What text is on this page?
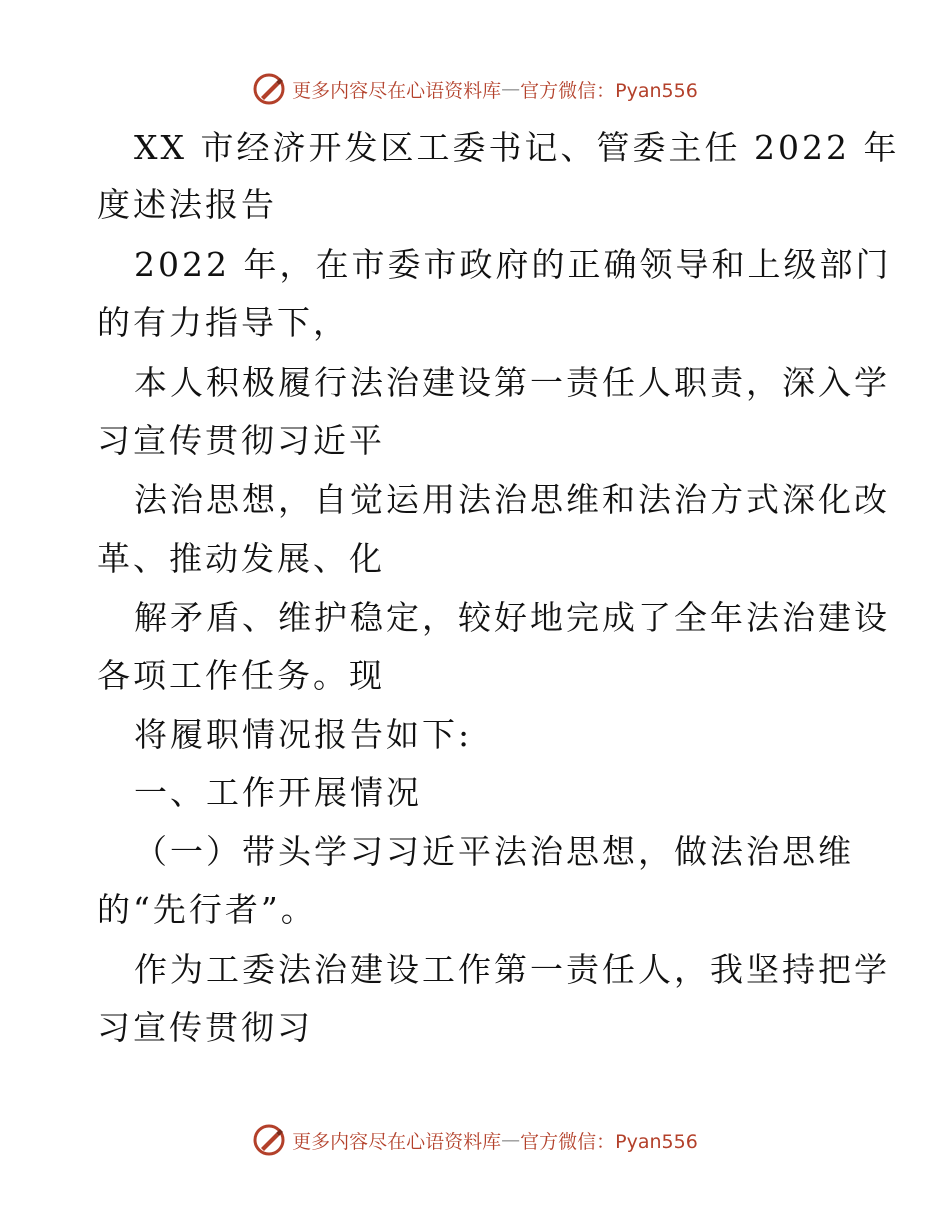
更多内容尽在心语资料库 — 官方微信：Pyan556
XX 市经济开发区工委书记、管委主任 2022 年
度述法报告
2022 年，在市委市政府的正确领导和上级部门
的有力指导下，
本人积极履行法治建设第一责任人职责，深入学
习宣传贯彻习近平
法治思想，自觉运用法治思维和法治方式深化改
革、推动发展、化
解矛盾、维护稳定，较好地完成了全年法治建设
各项工作任务。现
将履职情况报告如下:
一、工作开展情况
（一）带头学习习近平法治思想，做法治思维
的“先行者”。
作为工委法治建设工作第一责任人，我坚持把学
习宣传贯彻习
更多内容尽在心语资料库 — 官方微信：Pyan556
